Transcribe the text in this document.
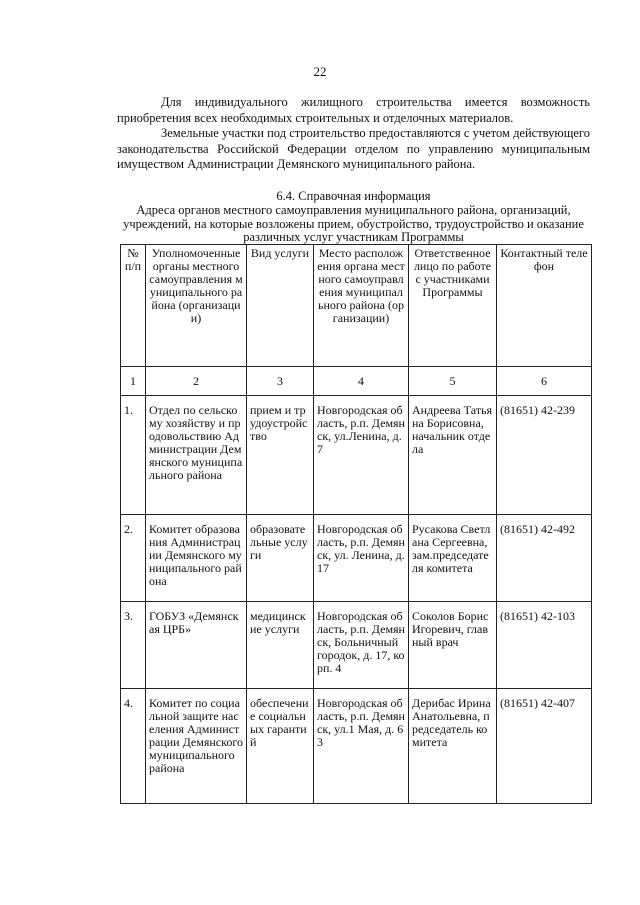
22

Для индивидуального жилищного строительства имеется возможность приобретения всех необходимых строительных и отделочных материалов.

Земельные участки под строительство предоставляются с учетом действующего законодательства Российской Федерации отделом по управлению муниципальным имуществом Администрации Демянского муниципального района.

6.4. Справочная информация

Адреса органов местного самоуправления муниципального района, организаций, учреждений, на которые возложены прием, обустройство, трудоустройство и оказание различных услуг участникам Программы

№ п/п	Уполномоченные органы местного самоуправления муниципального района (организации)	Вид услуги	Место расположения органа местного самоуправления муниципального района (организации)	Ответственное лицо по работе с участниками Программы	Контактный телефон
1	2	3	4	5	6
1.	Отдел по сельскому хозяйству и продовольствию Администрации Демянского муниципального района	прием и трудоустройство	Новгородская область, р.п. Демянск, ул.Ленина, д. 7	Андреева Татьяна Борисовна, начальник отдела	(81651) 42-239
2.	Комитет образования Администрации Демянского муниципального района	образовательные услуги	Новгородская область, р.п. Демянск, ул. Ленина, д. 17	Русакова Светлана Сергеевна, зам.председателя комитета	(81651) 42-492
3.	ГОБУЗ «Демянская ЦРБ»	медицинские услуги	Новгородская область, р.п. Демянск, Больничный городок, д. 17, корп. 4	Соколов Борис Игоревич, главный врач	(81651) 42-103
4.	Комитет по социальной защите населения Администрации Демянского муниципального района	обеспечение социальных гарантий	Новгородская область, р.п. Демянск, ул.1 Мая, д. 63	Дерибас Ирина Анатольевна, председатель комитета	(81651) 42-407
